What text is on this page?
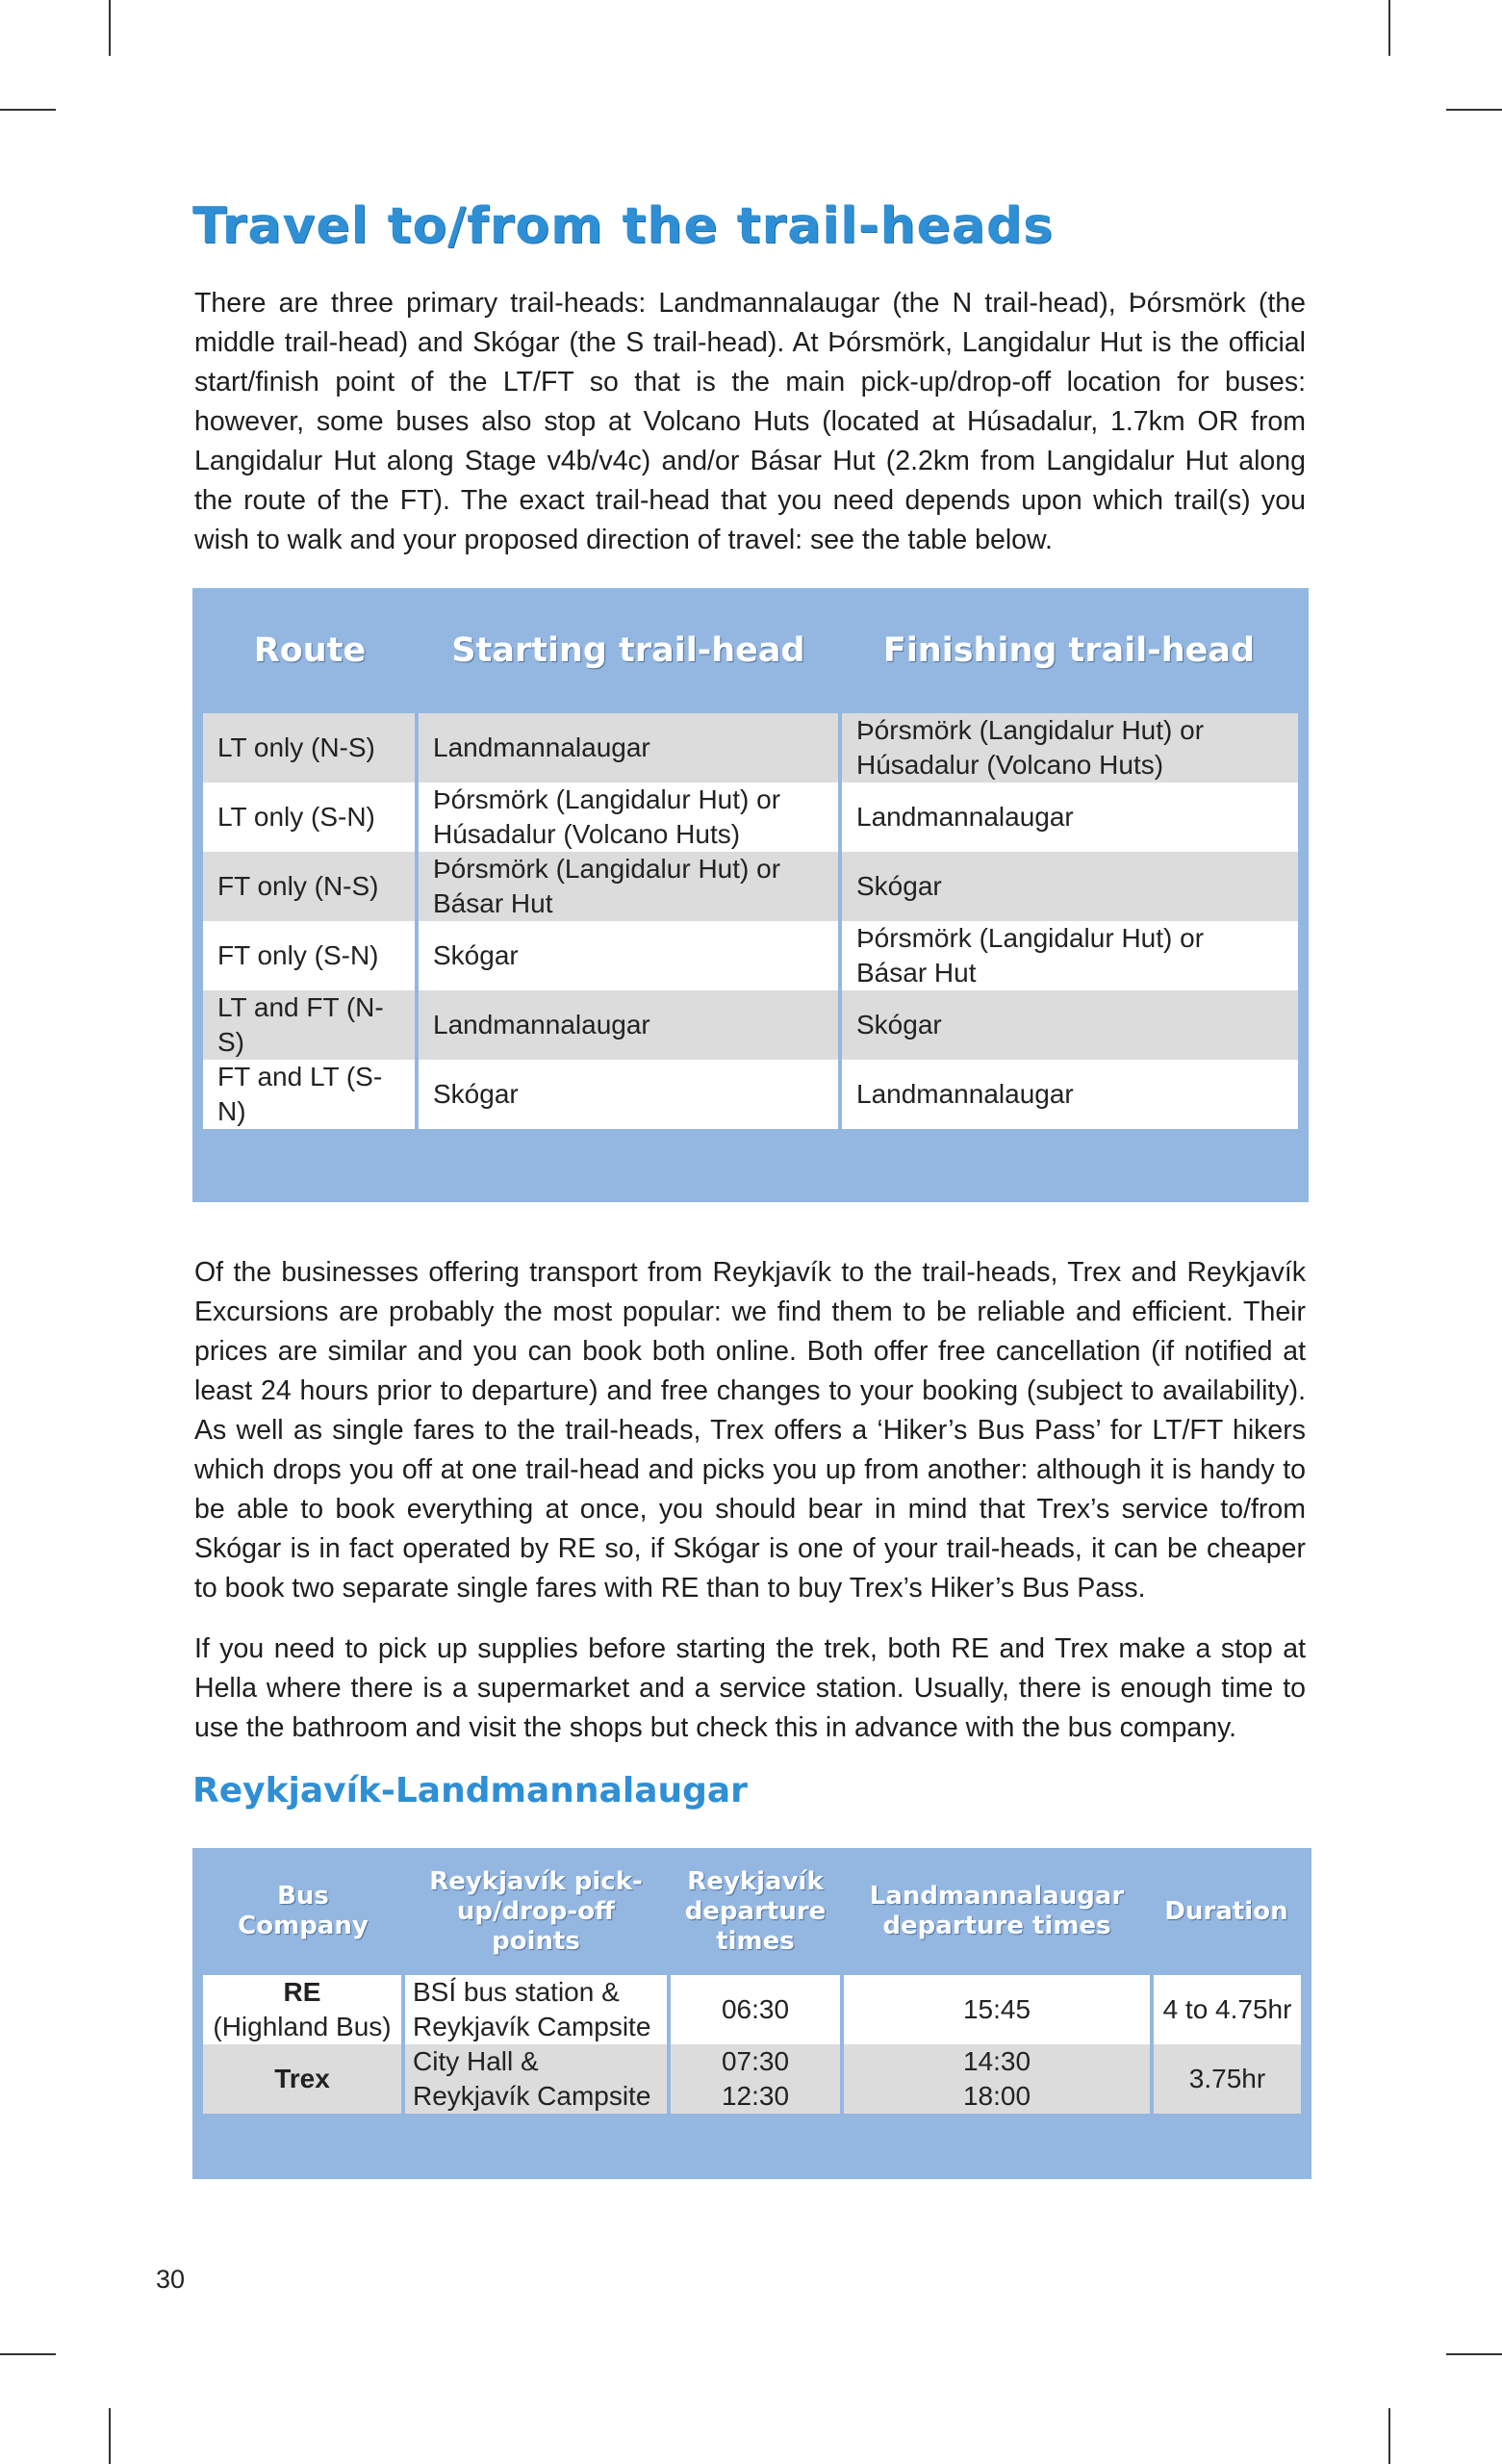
Travel to/from the trail-heads

There are three primary trail-heads: Landmannalaugar (the N trail-head), Þórsmörk (the middle trail-head) and Skógar (the S trail-head). At Þórsmörk, Langidalur Hut is the official start/finish point of the LT/FT so that is the main pick-up/drop-off location for buses: however, some buses also stop at Volcano Huts (located at Húsadalur, 1.7km OR from Langidalur Hut along Stage v4b/v4c) and/or Básar Hut (2.2km from Langidalur Hut along the route of the FT). The exact trail-head that you need depends upon which trail(s) you wish to walk and your proposed direction of travel: see the table below.

Route	Starting trail-head	Finishing trail-head
LT only (N-S)	Landmannalaugar	Þórsmörk (Langidalur Hut) or
Húsadalur (Volcano Huts)
LT only (S-N)	Þórsmörk (Langidalur Hut) or
Húsadalur (Volcano Huts)	Landmannalaugar
FT only (N-S)	Þórsmörk (Langidalur Hut) or
Básar Hut	Skógar
FT only (S-N)	Skógar	Þórsmörk (Langidalur Hut) or
Básar Hut
LT and FT (N-S)	Landmannalaugar	Skógar
FT and LT (S-N)	Skógar	Landmannalaugar

Of the businesses offering transport from Reykjavík to the trail-heads, Trex and Reykjavík Excursions are probably the most popular: we find them to be reliable and efficient. Their prices are similar and you can book both online. Both offer free cancellation (if notified at least 24 hours prior to departure) and free changes to your booking (subject to availability). As well as single fares to the trail-heads, Trex offers a ‘Hiker’s Bus Pass’ for LT/FT hikers which drops you off at one trail-head and picks you up from another: although it is handy to be able to book everything at once, you should bear in mind that Trex’s service to/from Skógar is in fact operated by RE so, if Skógar is one of your trail-heads, it can be cheaper to book two separate single fares with RE than to buy Trex’s Hiker’s Bus Pass.

If you need to pick up supplies before starting the trek, both RE and Trex make a stop at Hella where there is a supermarket and a service station. Usually, there is enough time to use the bathroom and visit the shops but check this in advance with the bus company.

Reykjavík-Landmannalaugar
Bus
Company	Reykjavík pick-
up/drop-off
points	Reykjavík
departure
times	Landmannalaugar
departure times	Duration
RE
(Highland Bus)	BSÍ bus station &
Reykjavík Campsite	06:30	15:45	4 to 4.75hr
Trex	City Hall &
Reykjavík Campsite	07:30
12:30	14:30
18:00	3.75hr
30
